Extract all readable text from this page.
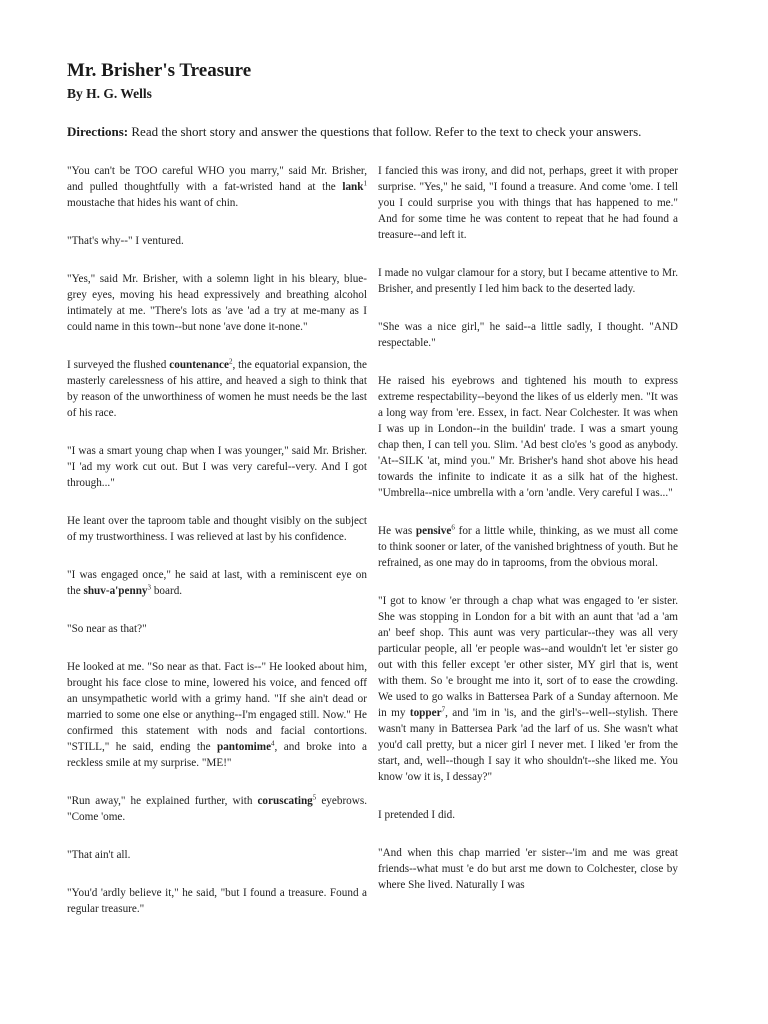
Mr. Brisher's Treasure
By H. G. Wells

Directions: Read the short story and answer the questions that follow. Refer to the text to check your answers.

"You can't be TOO careful WHO you marry," said Mr. Brisher, and pulled thoughtfully with a fat-wristed hand at the lank$^1$ moustache that hides his want of chin.

"That's why--" I ventured.

"Yes," said Mr. Brisher, with a solemn light in his bleary, blue-grey eyes, moving his head expressively and breathing alcohol intimately at me. "There's lots as 'ave 'ad a try at me-many as I could name in this town--but none 'ave done it-none."

I surveyed the flushed countenance$^2$, the equatorial expansion, the masterly carelessness of his attire, and heaved a sigh to think that by reason of the unworthiness of women he must needs be the last of his race.

"I was a smart young chap when I was younger," said Mr. Brisher. "I 'ad my work cut out. But I was very careful--very. And I got through..."

He leant over the taproom table and thought visibly on the subject of my trustworthiness. I was relieved at last by his confidence.

"I was engaged once," he said at last, with a reminiscent eye on the shuv-a'penny$^3$ board.

"So near as that?"

He looked at me. "So near as that. Fact is--" He looked about him, brought his face close to mine, lowered his voice, and fenced off an unsympathetic world with a grimy hand. "If she ain't dead or married to some one else or anything--I'm engaged still. Now." He confirmed this statement with nods and facial contortions. "STILL," he said, ending the pantomime$^4$, and broke into a reckless smile at my surprise. "ME!"

"Run away," he explained further, with coruscating$^5$ eyebrows. "Come 'ome.

"That ain't all.

"You'd 'ardly believe it," he said, "but I found a treasure. Found a regular treasure."

I fancied this was irony, and did not, perhaps, greet it with proper surprise. "Yes," he said, "I found a treasure. And come 'ome. I tell you I could surprise you with things that has happened to me." And for some time he was content to repeat that he had found a treasure--and left it.

I made no vulgar clamour for a story, but I became attentive to Mr. Brisher, and presently I led him back to the deserted lady.

"She was a nice girl," he said--a little sadly, I thought. "AND respectable."

He raised his eyebrows and tightened his mouth to express extreme respectability--beyond the likes of us elderly men. "It was a long way from 'ere. Essex, in fact. Near Colchester. It was when I was up in London--in the buildin' trade. I was a smart young chap then, I can tell you. Slim. 'Ad best clo'es 's good as anybody. 'At--SILK 'at, mind you." Mr. Brisher's hand shot above his head towards the infinite to indicate it as a silk hat of the highest. "Umbrella--nice umbrella with a 'orn 'andle. Very careful I was..."

He was pensive$^6$ for a little while, thinking, as we must all come to think sooner or later, of the vanished brightness of youth. But he refrained, as one may do in taprooms, from the obvious moral.

"I got to know 'er through a chap what was engaged to 'er sister. She was stopping in London for a bit with an aunt that 'ad a 'am an' beef shop. This aunt was very particular--they was all very particular people, all 'er people was--and wouldn't let 'er sister go out with this feller except 'er other sister, MY girl that is, went with them. So 'e brought me into it, sort of to ease the crowding. We used to go walks in Battersea Park of a Sunday afternoon. Me in my topper$^7$, and 'im in 'is, and the girl's--well--stylish. There wasn't many in Battersea Park 'ad the larf of us. She wasn't what you'd call pretty, but a nicer girl I never met. I liked 'er from the start, and, well--though I say it who shouldn't--she liked me. You know 'ow it is, I dessay?"

I pretended I did.

"And when this chap married 'er sister--'im and me was great friends--what must 'e do but arst me down to Colchester, close by where She lived. Naturally I was
